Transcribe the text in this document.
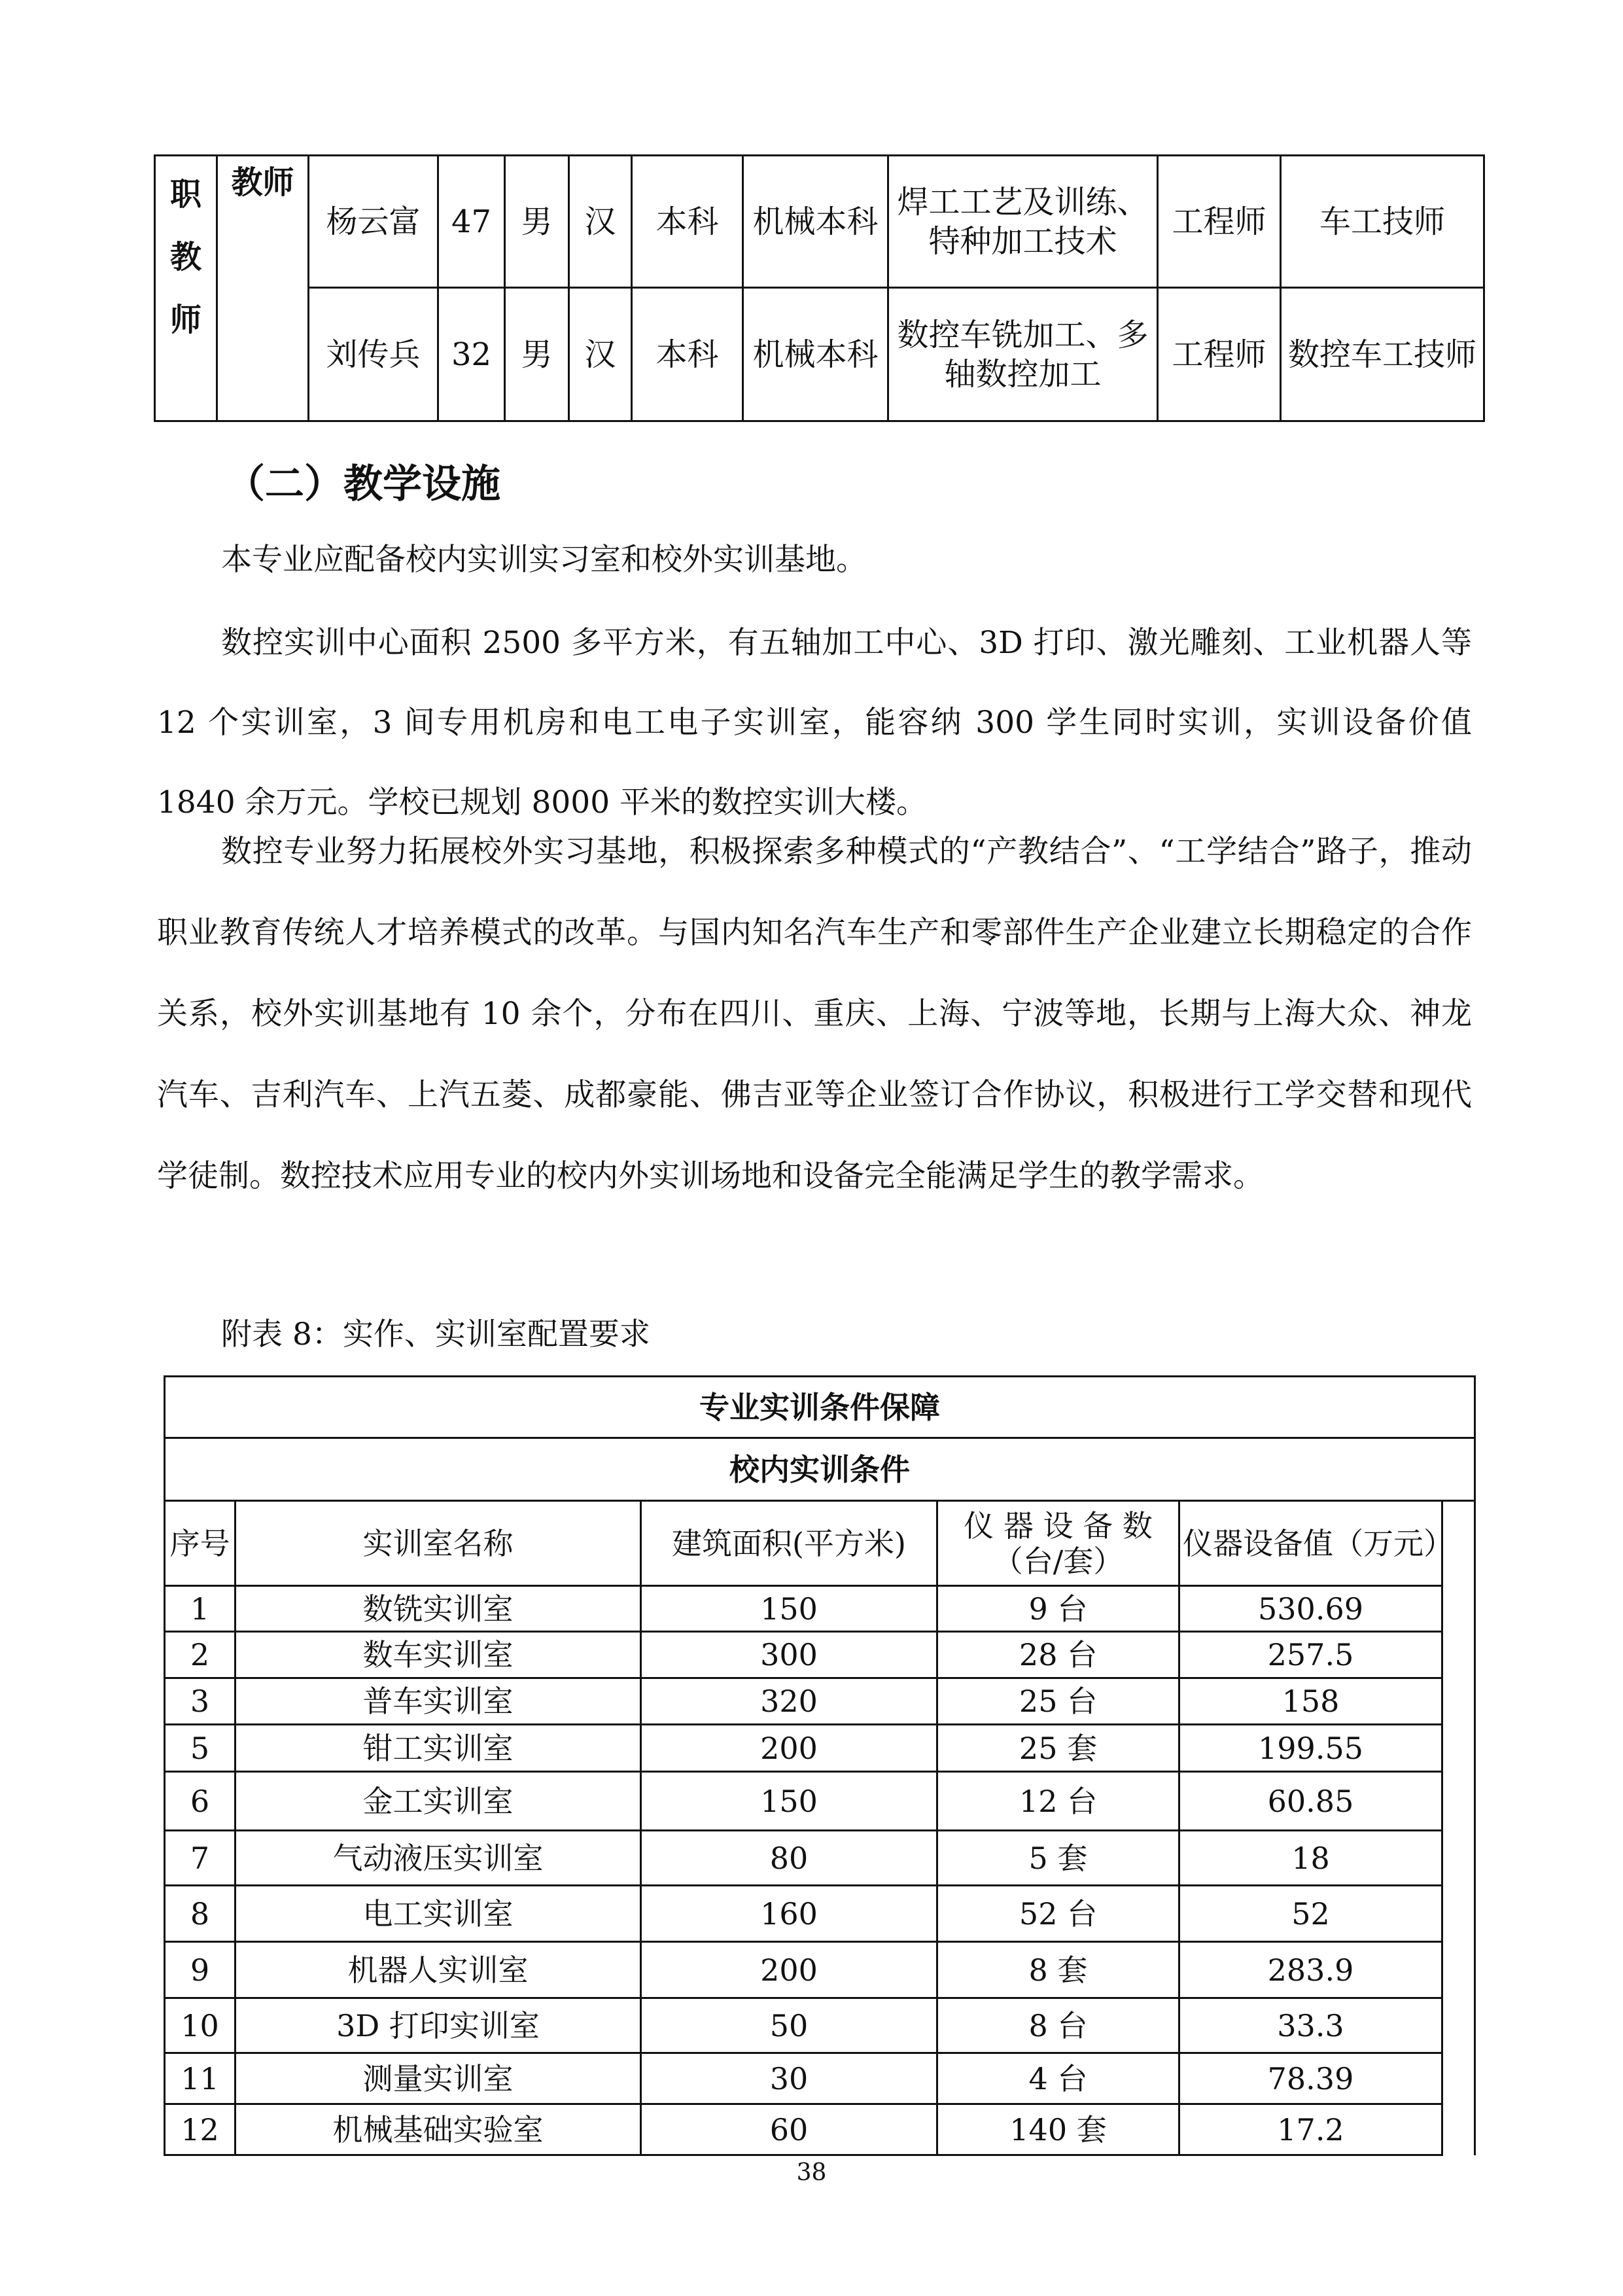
职
教
师	教师	杨云富	47	男	汉	本科	机械本科	焊工工艺及训练、特种加工技术	工程师	车工技师
		刘传兵	32	男	汉	本科	机械本科	数控车铣加工、多轴数控加工	工程师	数控车工技师
（二）教学设施

本专业应配备校内实训实习室和校外实训基地。

数控实训中心面积 2500 多平方米，有五轴加工中心、3D 打印、激光雕刻、工业机器人等 12 个实训室，3 间专用机房和电工电子实训室，能容纳 300 学生同时实训，实训设备价值 1840 余万元。学校已规划 8000 平米的数控实训大楼。

数控专业努力拓展校外实习基地，积极探索多种模式的“产教结合”、“工学结合”路子，推动职业教育传统人才培养模式的改革。与国内知名汽车生产和零部件生产企业建立长期稳定的合作关系，校外实训基地有 10 余个，分布在四川、重庆、上海、宁波等地，长期与上海大众、神龙汽车、吉利汽车、上汽五菱、成都豪能、佛吉亚等企业签订合作协议，积极进行工学交替和现代学徒制。数控技术应用专业的校内外实训场地和设备完全能满足学生的教学需求。

附表 8：实作、实训室配置要求
专业实训条件保障					
校内实训条件					
序号	实训室名称	建筑面积(平方米)	仪 器 设 备 数（台/套）	仪器设备值（万元）	
1	数铣实训室	150	9 台	530.69	
2	数车实训室	300	28 台	257.5	
3	普车实训室	320	25 台	158	
5	钳工实训室	200	25 套	199.55	
6	金工实训室	150	12 台	60.85	
7	气动液压实训室	80	5 套	18	
8	电工实训室	160	52 台	52	
9	机器人实训室	200	8 套	283.9	
10	3D 打印实训室	50	8 台	33.3	
11	测量实训室	30	4 台	78.39	
12	机械基础实验室	60	140 套	17.2	
38
